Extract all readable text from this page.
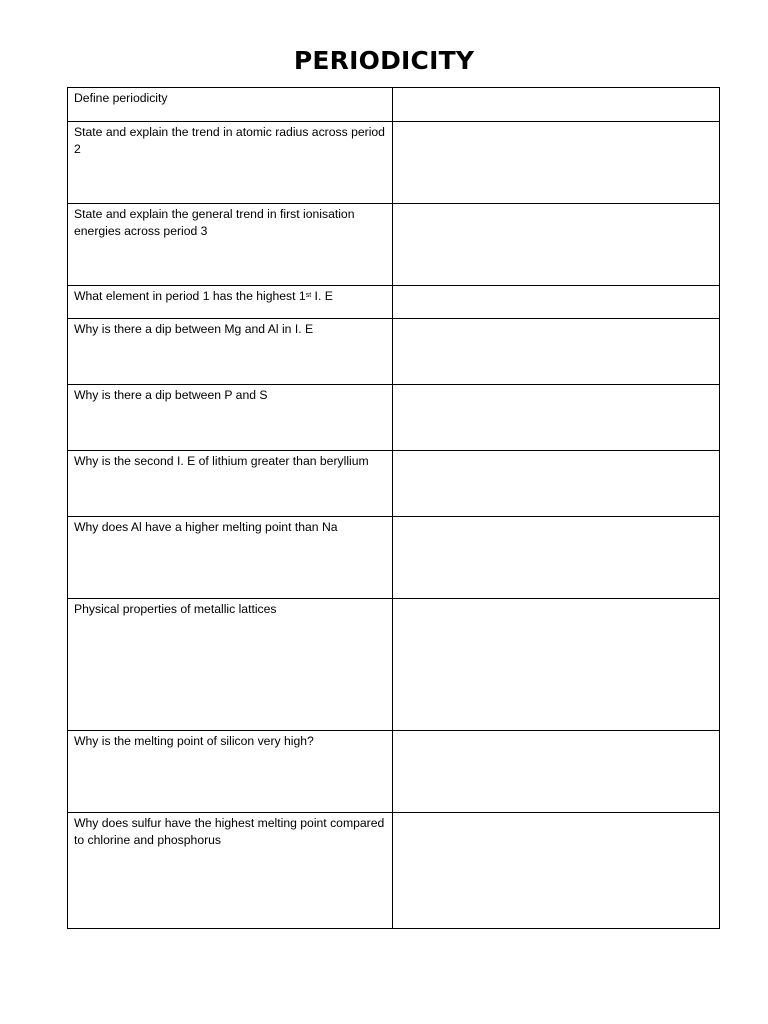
PERIODICITY
Define periodicity	

State and explain the trend in atomic radius across period 2	

State and explain the general trend in first ionisation energies across period 3	

What element in period 1 has the highest 1st I. E	

Why is there a dip between Mg and Al in I. E	

Why is there a dip between P and S	

Why is the second I. E of lithium greater than beryllium	

Why does Al have a higher melting point than Na	

Physical properties of metallic lattices	

Why is the melting point of silicon very high?	

Why does sulfur have the highest melting point compared to chlorine and phosphorus	
